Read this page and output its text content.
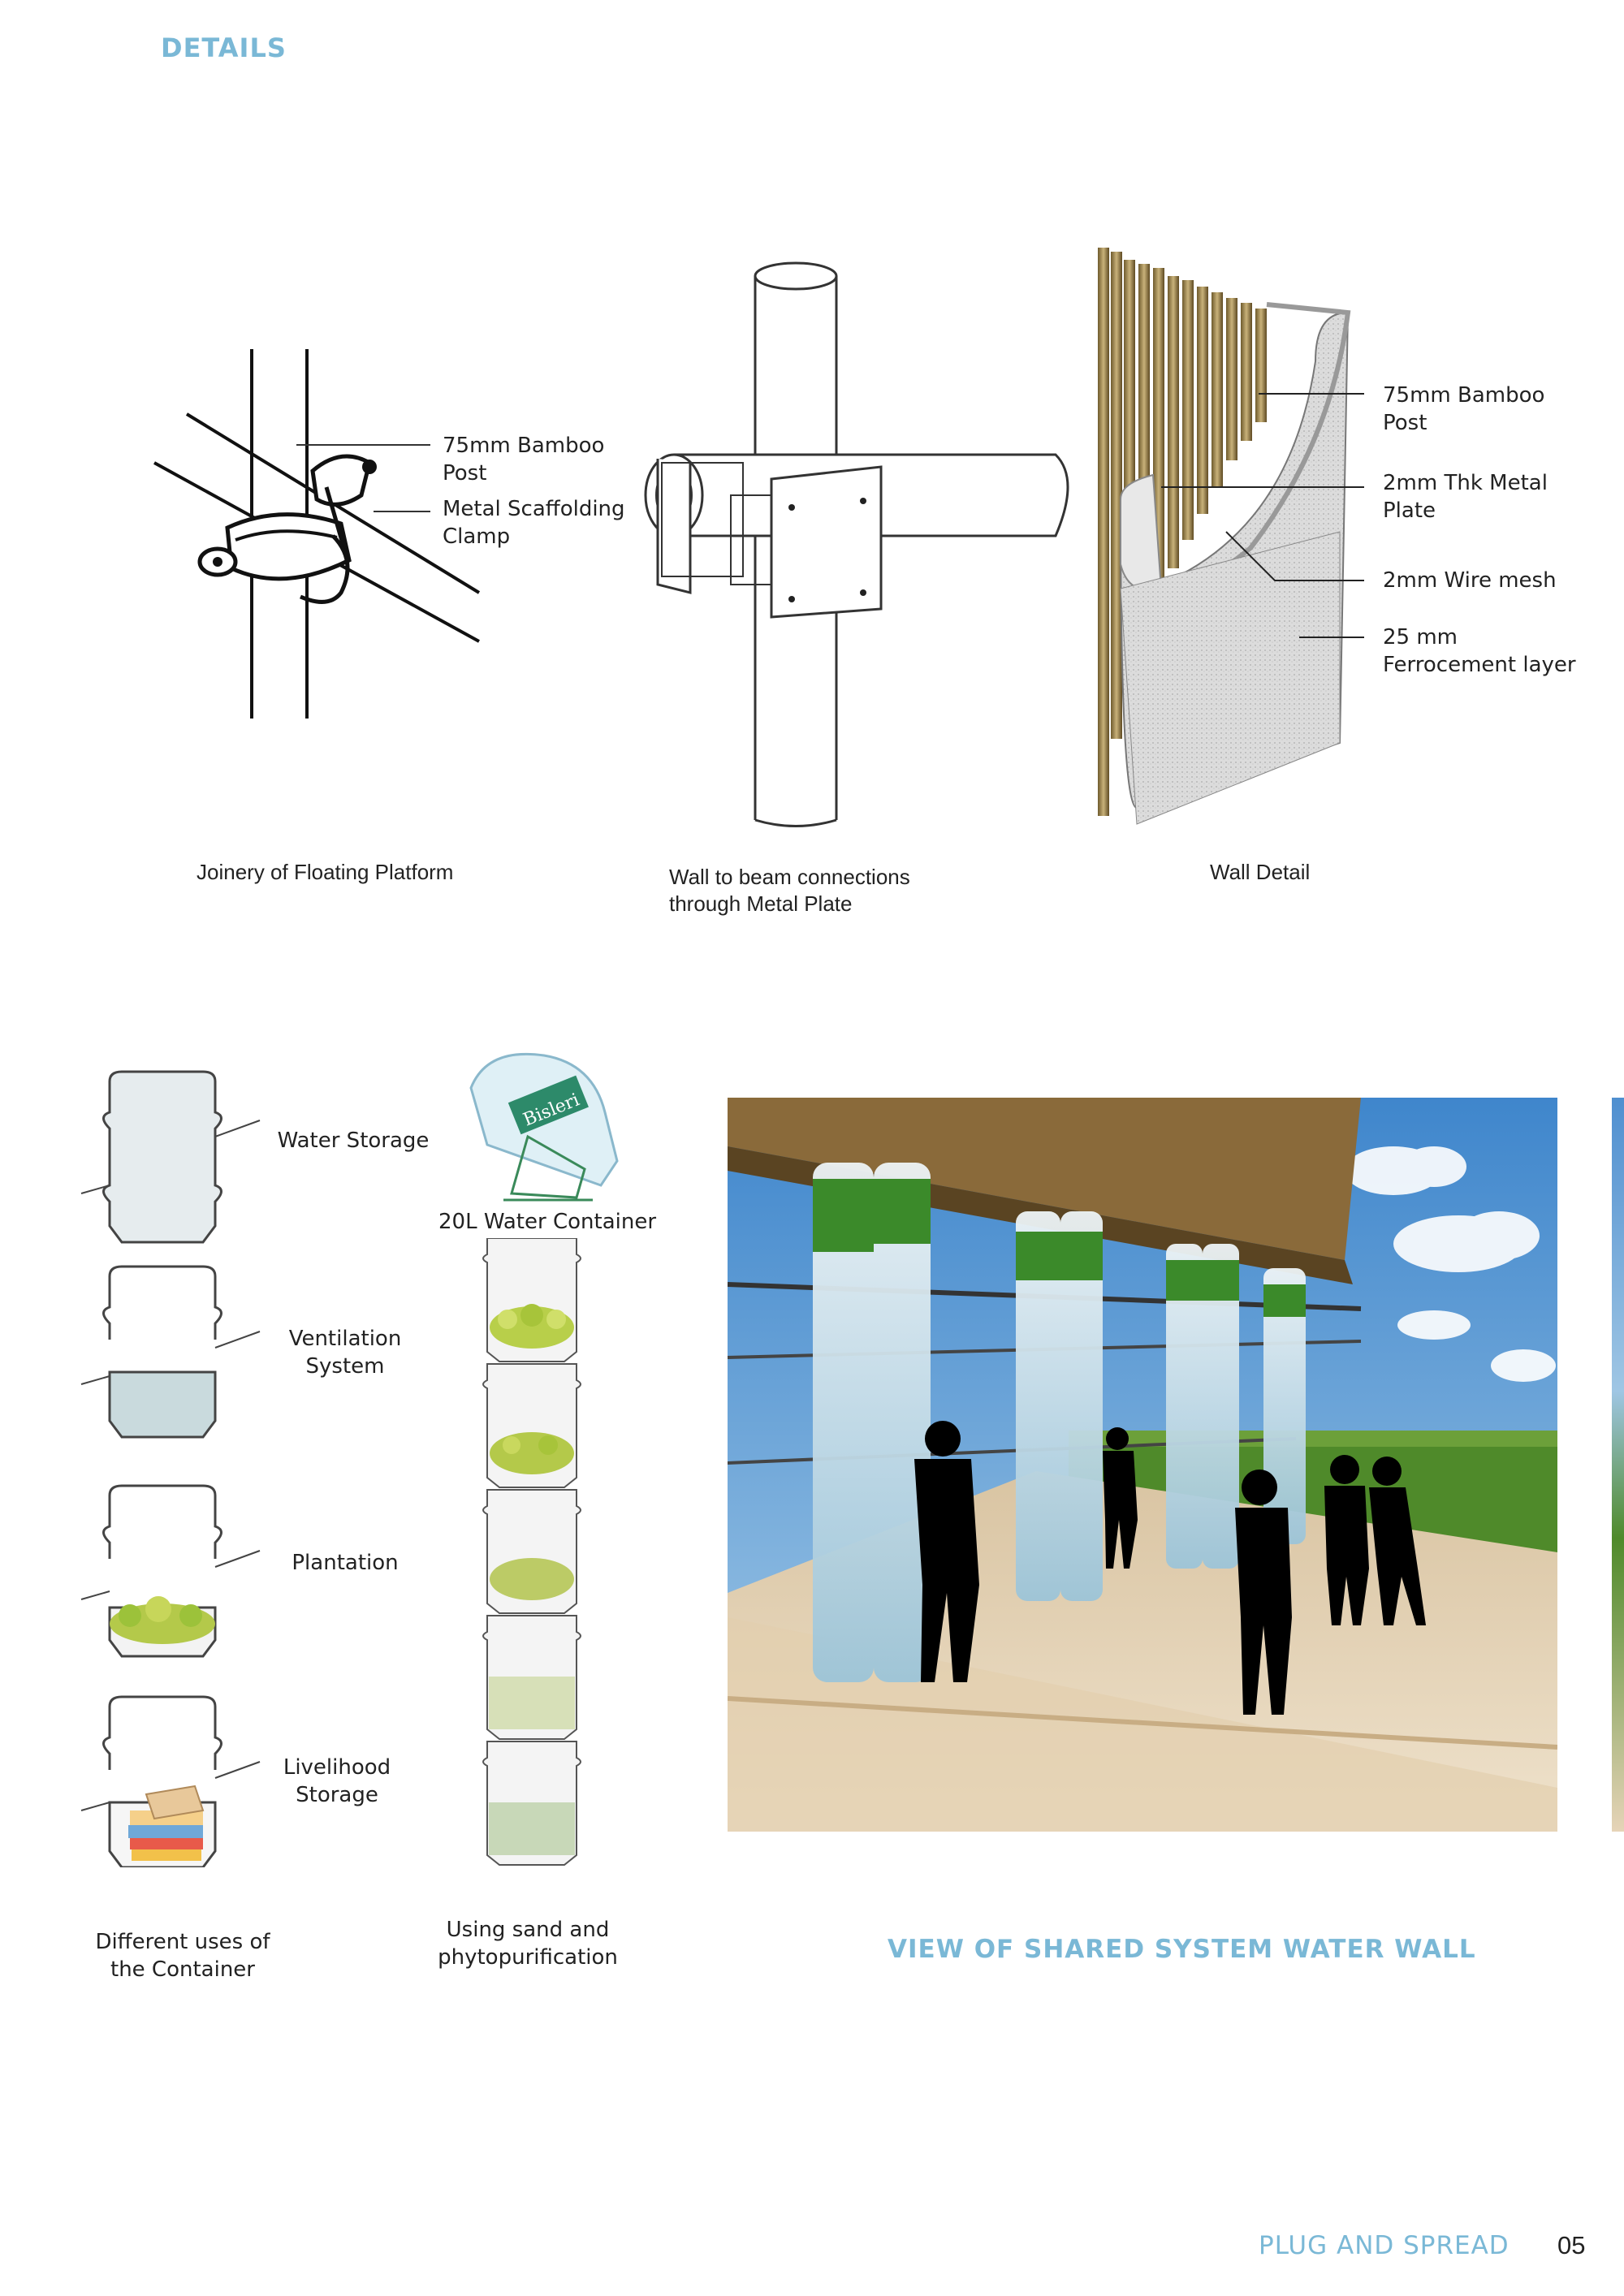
DETAILS
75mm Bamboo Post
Metal Scaffolding Clamp
Joinery of Floating Platform	Wall to beam connections through Metal Plate
75mm Bamboo Post
2mm Thk Metal Plate
2mm Wire mesh
25 mm Ferrocement layer
Wall Detail
Water Storage
Ventilation System
Plantation
Livelihood Storage
Different uses of the Container
Bisleri
20L Water Container
Using sand and phytopurification	VIEW OF SHARED SYSTEM WATER WALL
PLUG AND SPREAD 05
